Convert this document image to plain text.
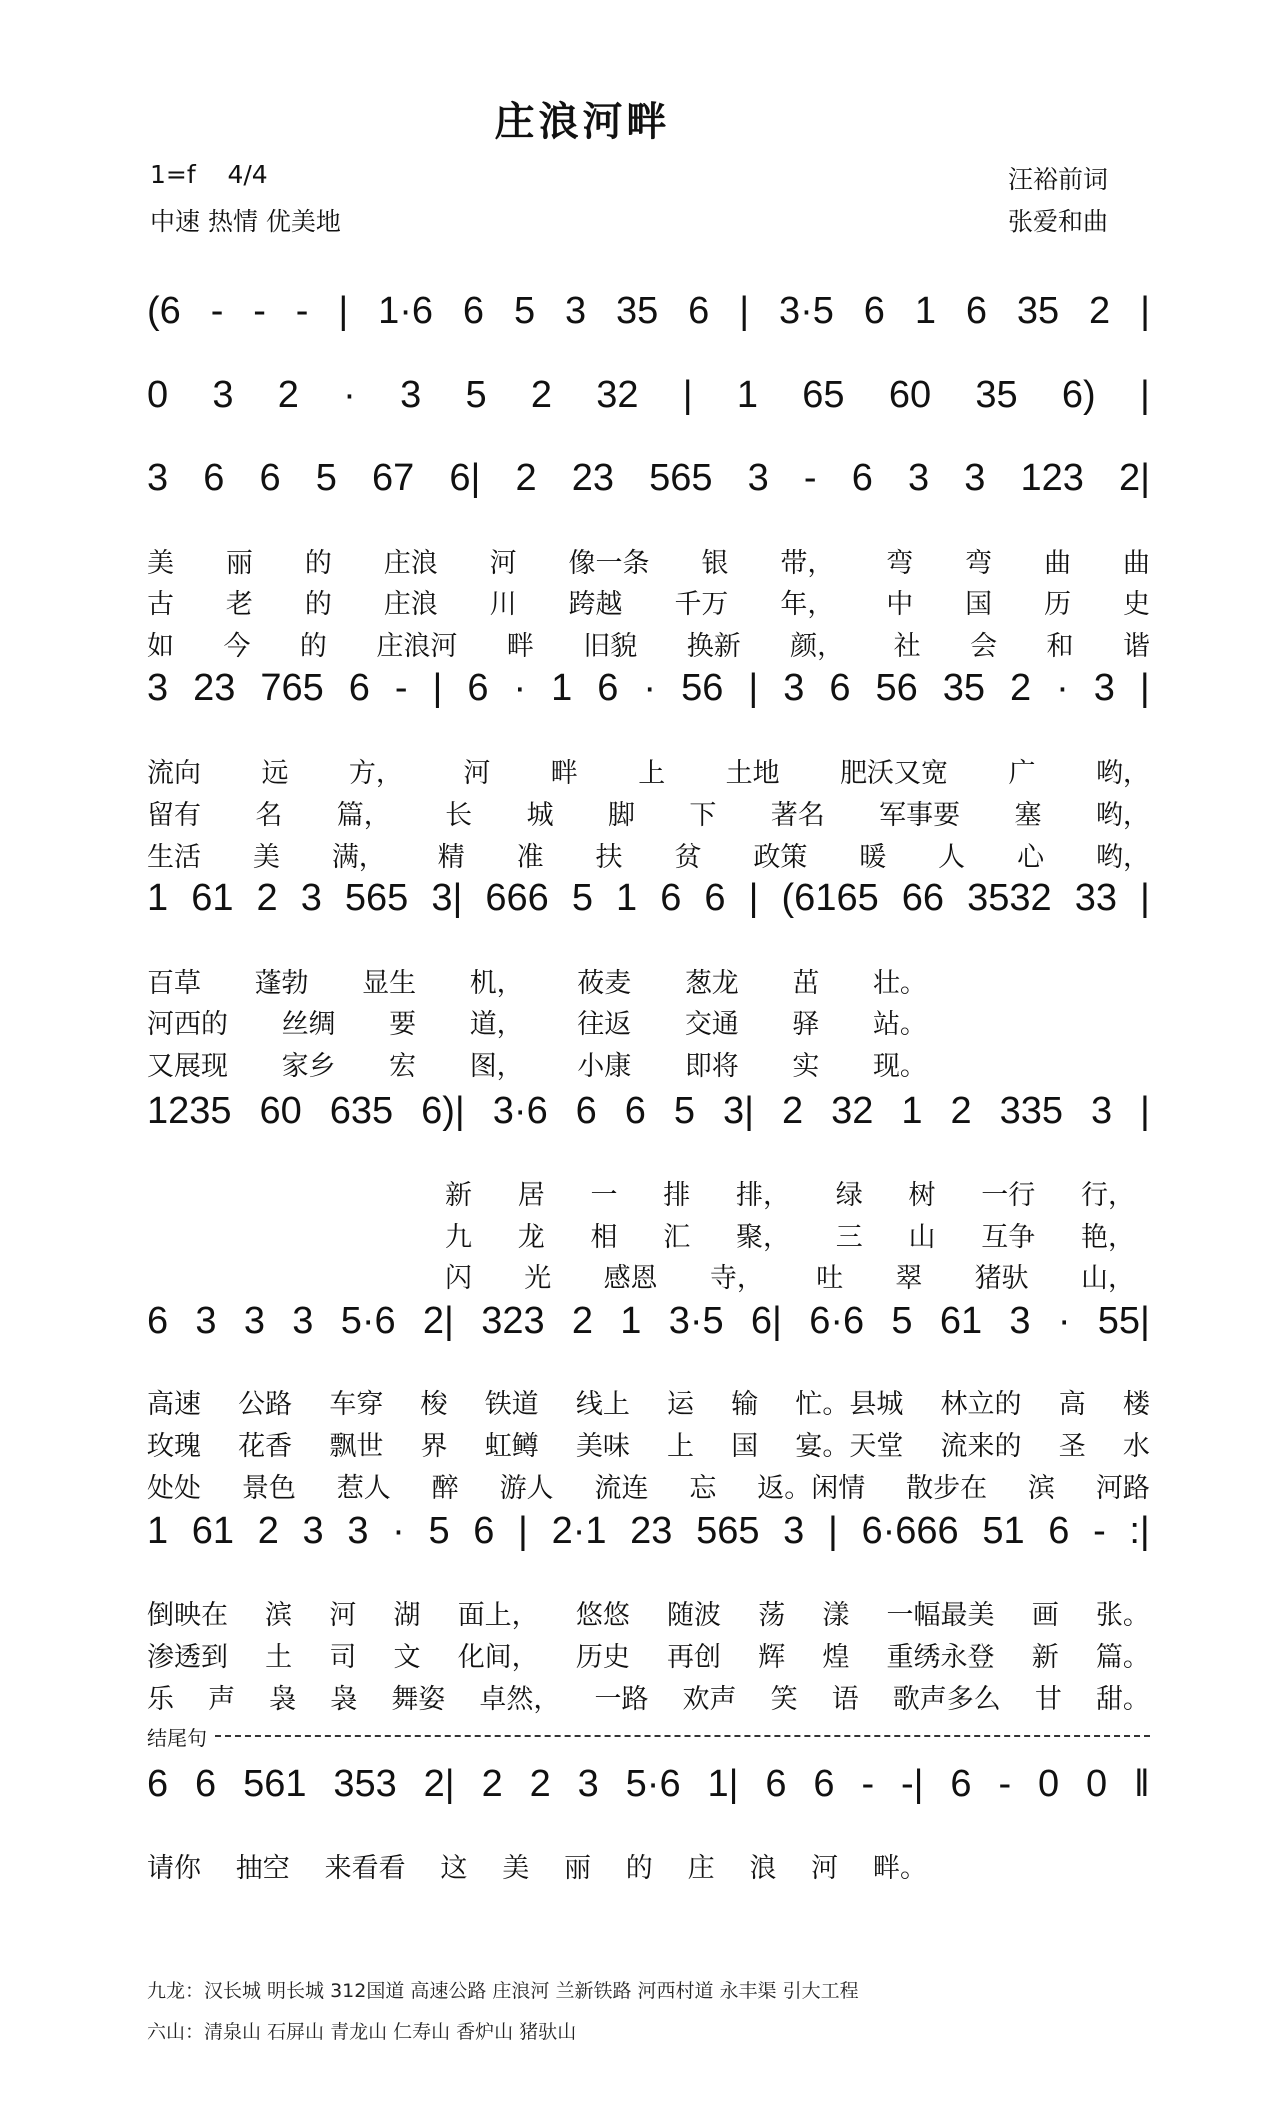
庄浪河畔
1=f 4/4
中速 热情 优美地
汪裕前词
张爱和曲
(6 - - - | 1·6 6 5 3 35 6 | 3·5 6 1 6 35 2 |
0 3 2 · 3 5 2 32 | 1 65 60 35 6) |
3 6 6 5 67 6| 2 23 565 3 - 6 3 3 123 2|
美 丽 的 庄浪 河 像一条 银 带， 弯 弯 曲 曲
古 老 的 庄浪 川 跨越 千万 年， 中 国 历 史
如 今 的 庄浪河 畔 旧貌 换新 颜， 社 会 和 谐
3 23 765 6 - | 6 · 1 6 · 56 | 3 6 56 35 2 · 3 |
流向 远 方， 河 畔 上 土地 肥沃又宽 广 哟，
留有 名 篇， 长 城 脚 下 著名 军事要 塞 哟，
生活 美 满， 精 准 扶 贫 政策 暖 人 心 哟，
1 61 2 3 565 3| 666 5 1 6 6 | (6165 66 3532 33 |
百草 蓬勃 显生 机， 莜麦 葱龙 茁 壮。
河西的 丝绸 要 道， 往返 交通 驿 站。
又展现 家乡 宏 图， 小康 即将 实 现。
1235 60 635 6)| 3·6 6 6 5 3| 2 32 1 2 335 3 |
新 居 一 排 排， 绿 树 一行 行，
九 龙 相 汇 聚， 三 山 互争 艳，
闪 光 感恩 寺， 吐 翠 猪驮 山，
6 3 3 3 5·6 2| 323 2 1 3·5 6| 6·6 5 61 3 · 55|
高速 公路 车穿 梭 铁道 线上 运 输 忙。县城 林立的 高 楼
玫瑰 花香 飘世 界 虹鳟 美味 上 国 宴。天堂 流来的 圣 水
处处 景色 惹人 醉 游人 流连 忘 返。闲情 散步在 滨 河路
1 61 2 3 3 · 5 6 | 2·1 23 565 3 | 6·666 51 6 - :|
倒映在 滨 河 湖 面上， 悠悠 随波 荡 漾 一幅最美 画 张。
渗透到 土 司 文 化间， 历史 再创 辉 煌 重绣永登 新 篇。
乐 声 袅 袅 舞姿 卓然， 一路 欢声 笑 语 歌声多么 甘 甜。
6 6 561 353 2| 2 2 3 5·6 1| 6 6 - -| 6 - 0 0 ‖
请你 抽空 来看看 这 美 丽 的 庄 浪 河 畔。
结尾句
九龙：汉长城 明长城 312国道 高速公路 庄浪河 兰新铁路 河西村道 永丰渠 引大工程
六山：清泉山 石屏山 青龙山 仁寿山 香炉山 猪驮山
